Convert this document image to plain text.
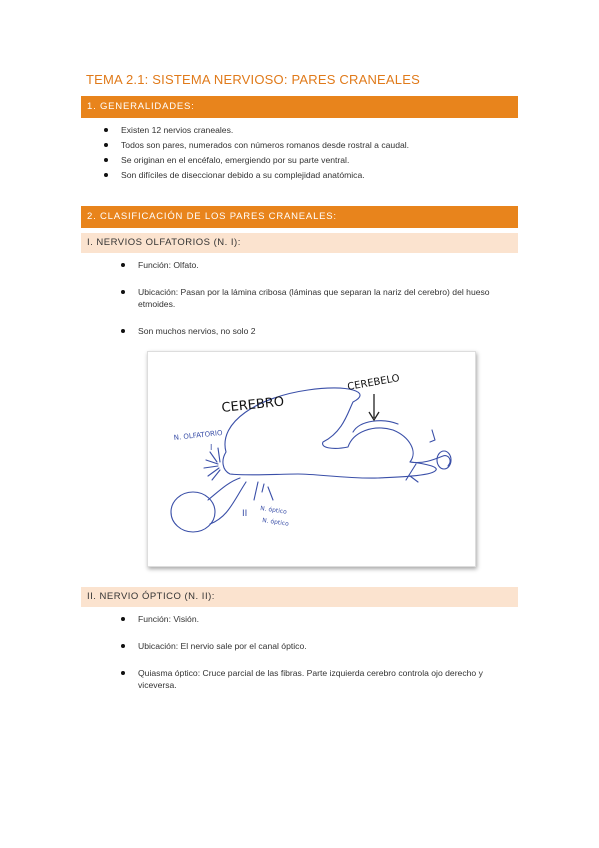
TEMA 2.1: SISTEMA NERVIOSO: PARES CRANEALES
1. GENERALIDADES:
Existen 12 nervios craneales.
Todos son pares, numerados con números romanos desde rostral a caudal.
Se originan en el encéfalo, emergiendo por su parte ventral.
Son difíciles de diseccionar debido a su complejidad anatómica.
2. CLASIFICACIÓN DE LOS PARES CRANEALES:
I. NERVIOS OLFATORIOS (N. I):
Función: Olfato.
Ubicación: Pasan por la lámina cribosa (láminas que separan la nariz del cerebro) del hueso etmoides.
Son muchos nervios, no solo 2
CEREBRO
CEREBELO
N. OLFATORIO
I
II N. óptico
N. óptico
II. NERVIO ÓPTICO (N. II):
Función: Visión.
Ubicación: El nervio sale por el canal óptico.
Quiasma óptico: Cruce parcial de las fibras. Parte izquierda cerebro controla ojo derecho y viceversa.
